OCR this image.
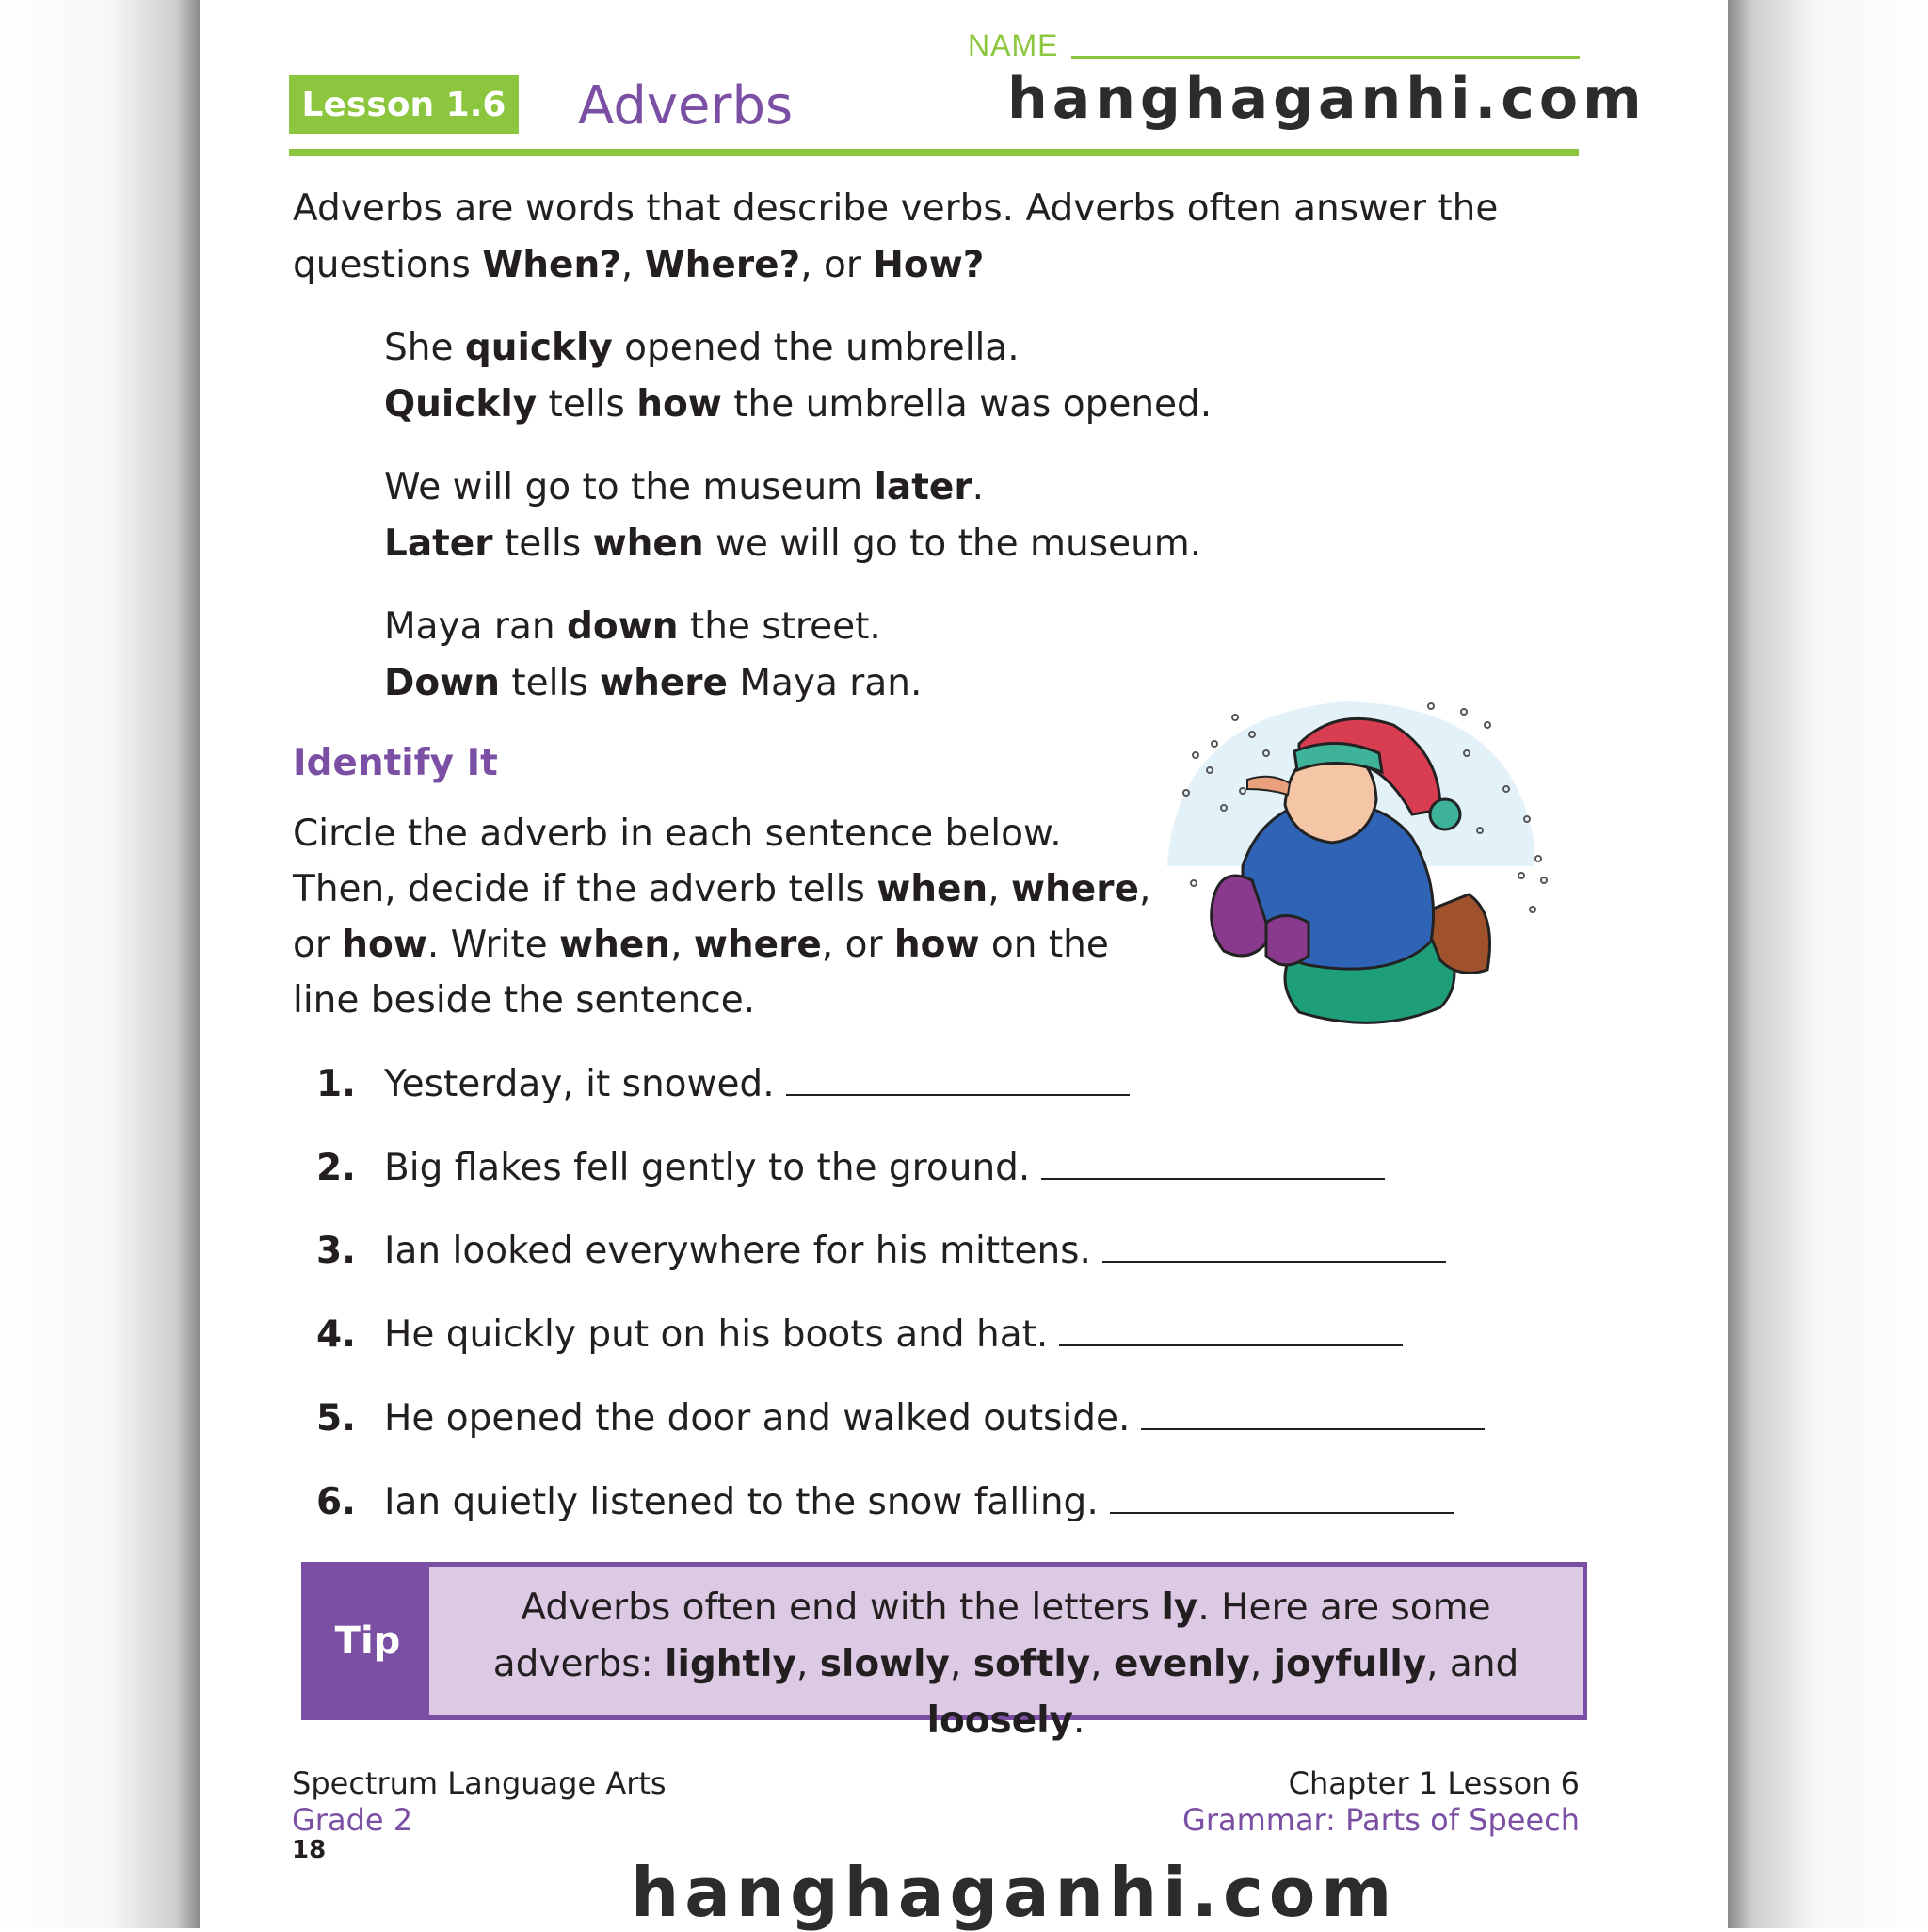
NAME
hanghaganhi.com
Lesson 1.6 Adverbs
Adverbs are words that describe verbs. Adverbs often answer the
questions When?, Where?, or How?
She quickly opened the umbrella.
Quickly tells how the umbrella was opened.
We will go to the museum later.
Later tells when we will go to the museum.
Maya ran down the street.
Down tells where Maya ran.
Identify It
Circle the adverb in each sentence below.
Then, decide if the adverb tells when, where,
or how. Write when, where, or how on the
line beside the sentence.
1. Yesterday, it snowed.
2. Big flakes fell gently to the ground.
3. Ian looked everywhere for his mittens.
4. He quickly put on his boots and hat.
5. He opened the door and walked outside.
6. Ian quietly listened to the snow falling.
Tip
Adverbs often end with the letters ly. Here are some
adverbs: lightly, slowly, softly, evenly, joyfully, and loosely.
Spectrum Language Arts
Grade 2
18
Chapter 1 Lesson 6
Grammar: Parts of Speech
hanghaganhi.com
